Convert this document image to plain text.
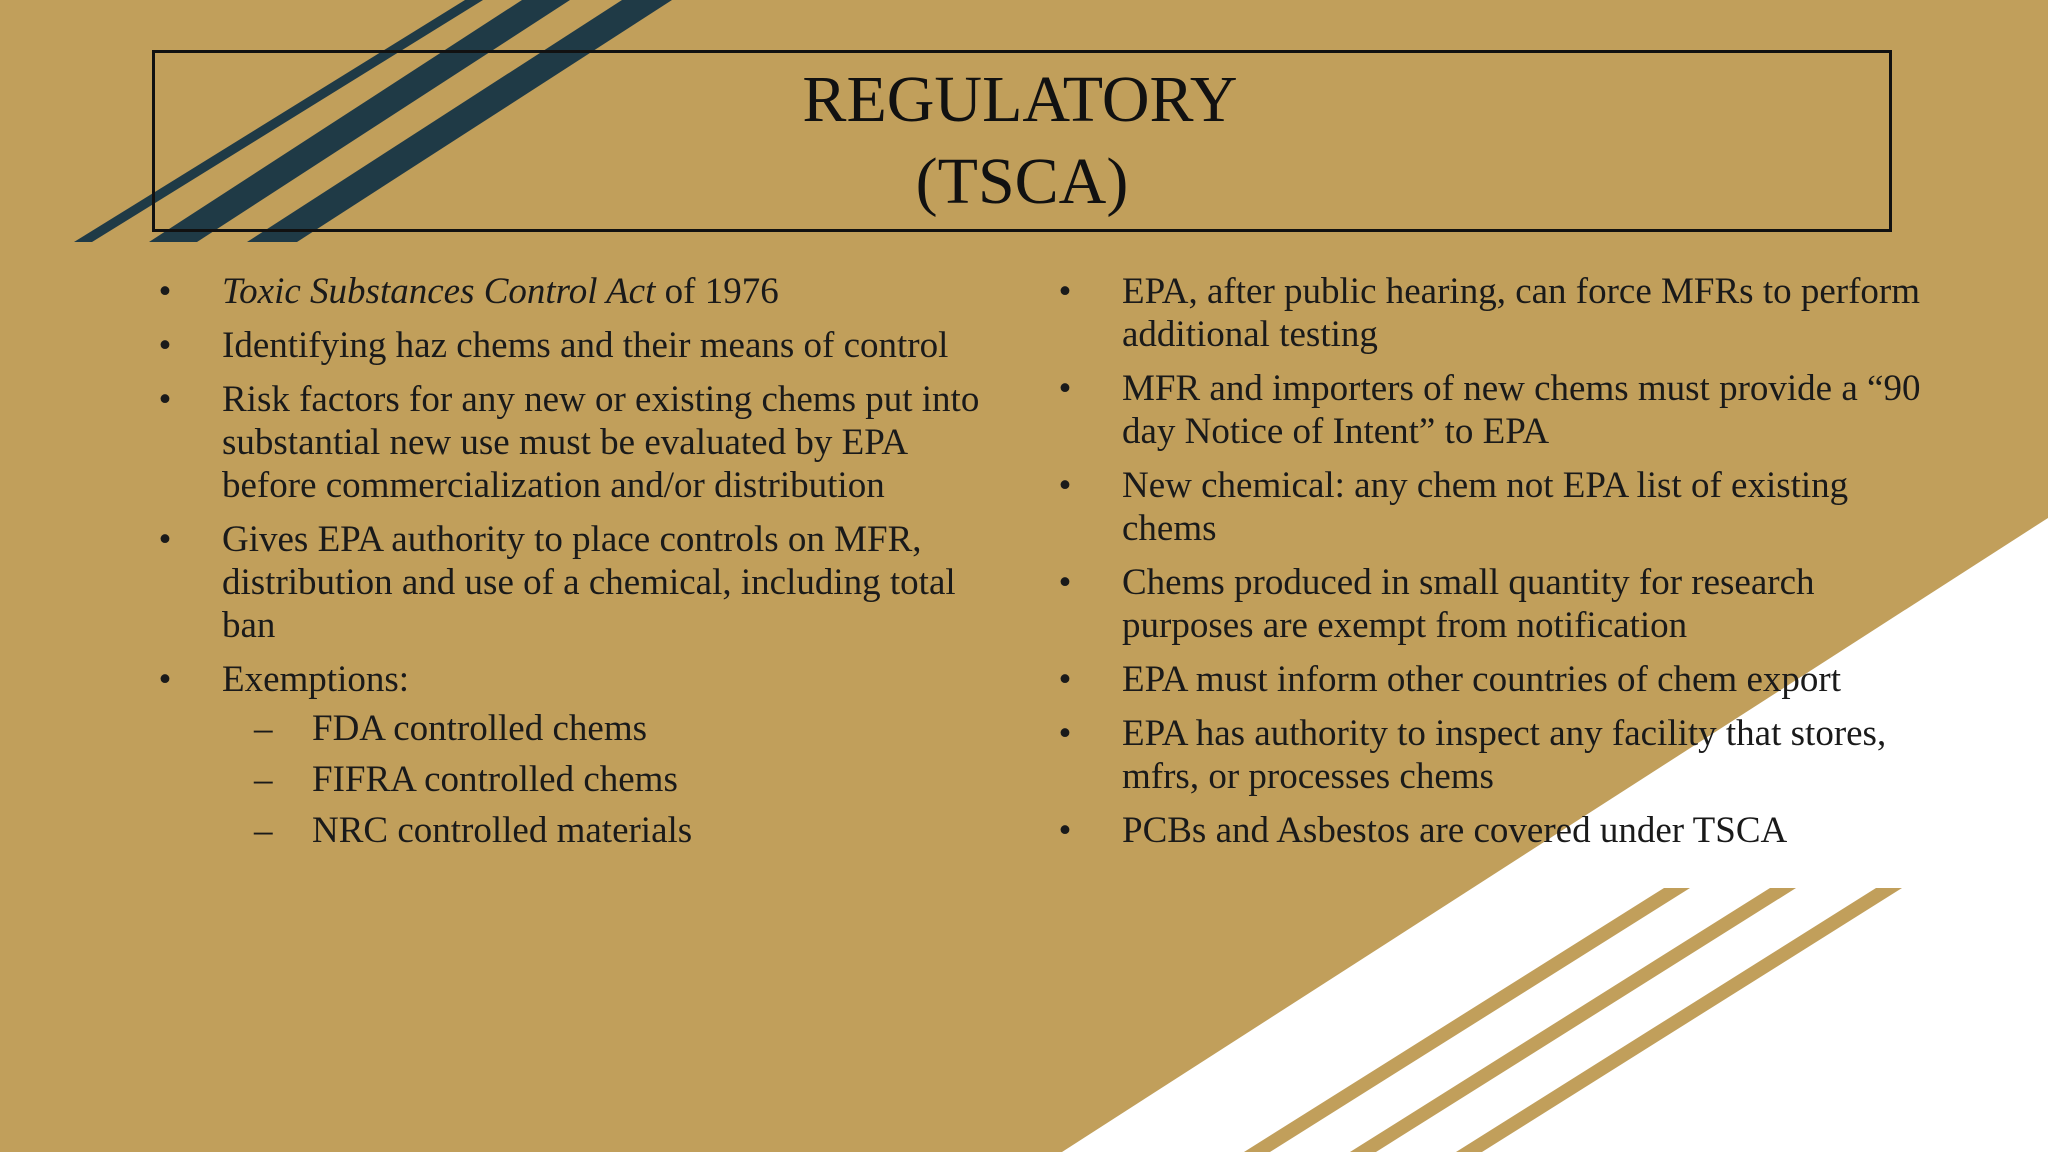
REGULATORY
(TSCA)
• Toxic Substances Control Act of 1976
• Identifying haz chems and their means of control
• Risk factors for any new or existing chems put into substantial new use must be evaluated by EPA before commercialization and/or distribution
• Gives EPA authority to place controls on MFR, distribution and use of a chemical, including total ban
• Exemptions:
–	FDA controlled chems
–	FIFRA controlled chems
–	NRC controlled materials
• EPA, after public hearing, can force MFRs to perform additional testing
• MFR and importers of new chems must provide a “90 day Notice of Intent” to EPA
• New chemical: any chem not EPA list of existing chems
• Chems produced in small quantity for research purposes are exempt from notification
• EPA must inform other countries of chem export
• EPA has authority to inspect any facility that stores, mfrs, or processes chems
• PCBs and Asbestos are covered under TSCA
